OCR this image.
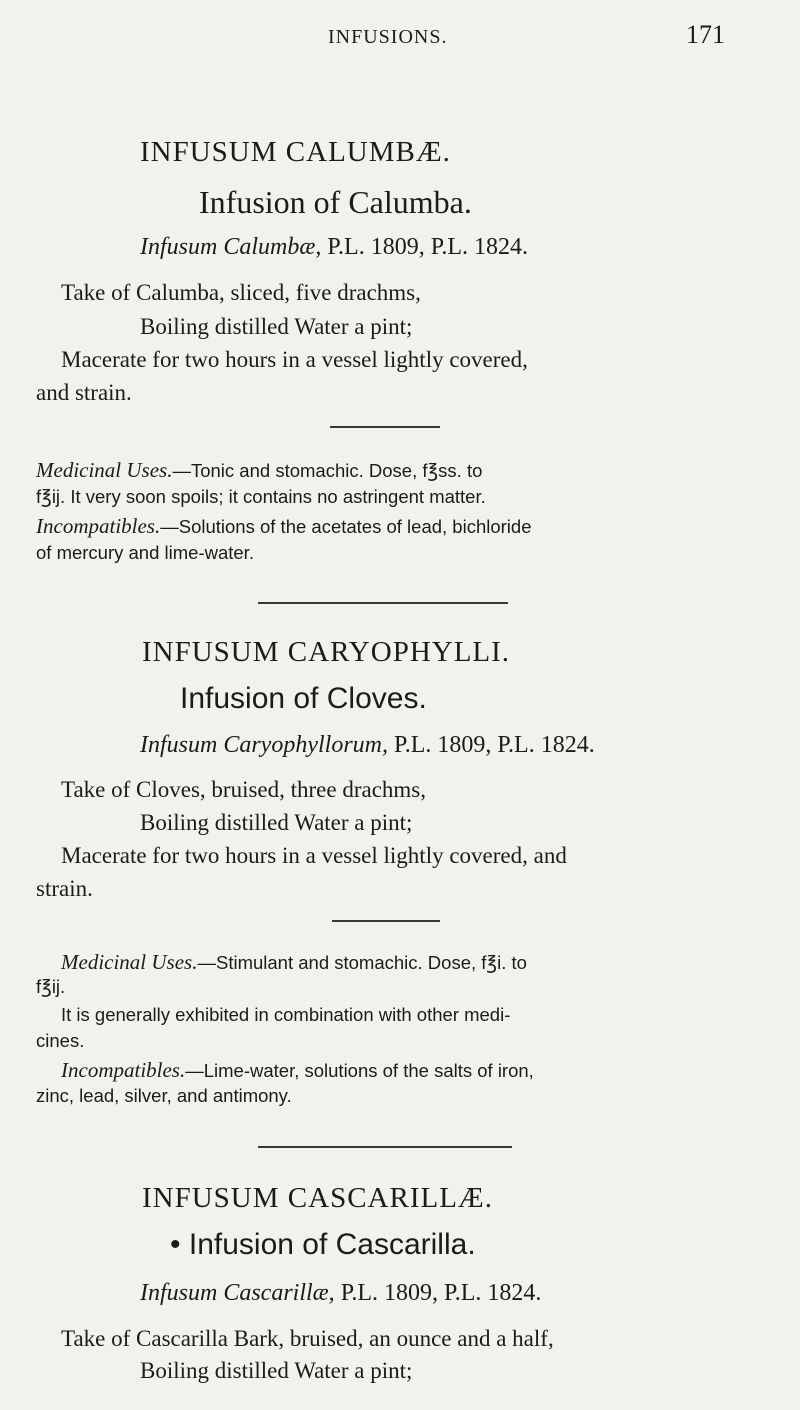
INFUSIONS.	171
INFUSUM CALUMBÆ.
Infusion of Calumba.
Infusum Calumbæ, P.L. 1809, P.L. 1824.
Take of Calumba, sliced, five drachms,
Boiling distilled Water a pint;
Macerate for two hours in a vessel lightly covered,
and strain.
Medicinal Uses.—Tonic and stomachic. Dose, f℥ss. to
f℥ij. It very soon spoils; it contains no astringent matter.
Incompatibles.—Solutions of the acetates of lead, bichloride
of mercury and lime-water.
INFUSUM CARYOPHYLLI.
Infusion of Cloves.
Infusum Caryophyllorum, P.L. 1809, P.L. 1824.
Take of Cloves, bruised, three drachms,
Boiling distilled Water a pint;
Macerate for two hours in a vessel lightly covered, and
strain.
Medicinal Uses.—Stimulant and stomachic. Dose, f℥i. to
f℥ij.
It is generally exhibited in combination with other medi-
cines.
Incompatibles.—Lime-water, solutions of the salts of iron,
zinc, lead, silver, and antimony.
INFUSUM CASCARILLÆ.
• Infusion of Cascarilla.
Infusum Cascarillæ, P.L. 1809, P.L. 1824.
Take of Cascarilla Bark, bruised, an ounce and a half,
Boiling distilled Water a pint;
